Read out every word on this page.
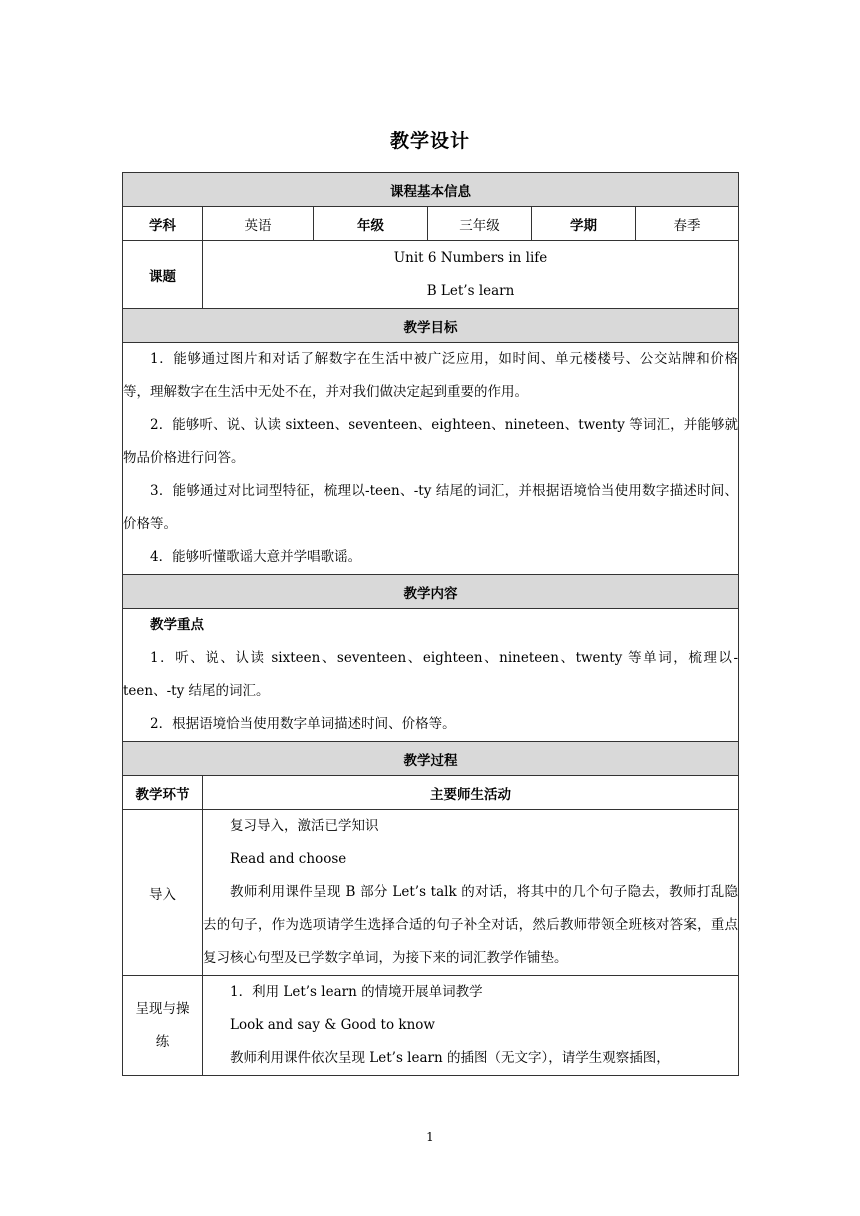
教学设计
课程基本信息					
学科	英语	年级	三年级	学期	春季
课题	Unit 6 Numbers in life
B Let’s learn				

教学目标					

1．能够通过图片和对话了解数字在生活中被广泛应用，如时间、单元楼楼号、公交站牌和价格等，理解数字在生活中无处不在，并对我们做决定起到重要的作用。
2．能够听、说、认读 sixteen、seventeen、eighteen、nineteen、twenty 等词汇，并能够就物品价格进行问答。
3．能够通过对比词型特征，梳理以-teen、-ty 结尾的词汇，并根据语境恰当使用数字描述时间、价格等。
4．能够听懂歌谣大意并学唱歌谣。					

教学内容					

教学重点
1．听、说、认读 sixteen、seventeen、eighteen、nineteen、twenty 等单词，梳理以-teen、-ty 结尾的词汇。
2．根据语境恰当使用数字单词描述时间、价格等。					

教学过程					
教学环节	主要师生活动				
导入	复习导入，激活已学知识
Read and choose
教师利用课件呈现 B 部分 Let’s talk 的对话，将其中的几个句子隐去，教师打乱隐去的句子，作为选项请学生选择合适的句子补全对话，然后教师带领全班核对答案，重点复习核心句型及已学数字单词，为接下来的词汇教学作铺垫。				

呈现与操练	1．利用 Let’s learn 的情境开展单词教学
Look and say & Good to know
教师利用课件依次呈现 Let’s learn 的插图（无文字），请学生观察插图，				
1
